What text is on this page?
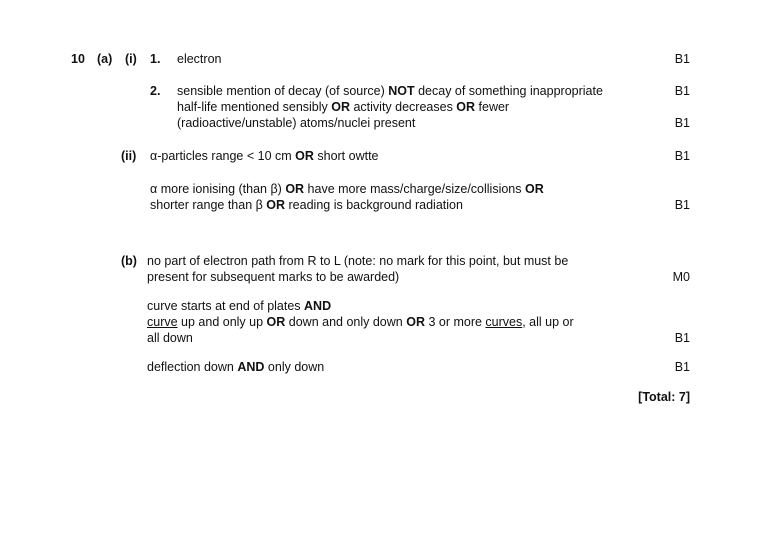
10 (a) (i) 1. electron	B1
2. sensible mention of decay (of source) NOT decay of something inappropriate	B1
half-life mentioned sensibly OR activity decreases OR fewer
(radioactive/unstable) atoms/nuclei present	B1
(ii) α-particles range < 10 cm OR short owtte	B1
α more ionising (than β) OR have more mass/charge/size/collisions OR
shorter range than β OR reading is background radiation	B1
(b) no part of electron path from R to L (note: no mark for this point, but must be
present for subsequent marks to be awarded)	M0
curve starts at end of plates AND
curve up and only up OR down and only down OR 3 or more curves, all up or
all down	B1
deflection down AND only down	B1
[Total: 7]
